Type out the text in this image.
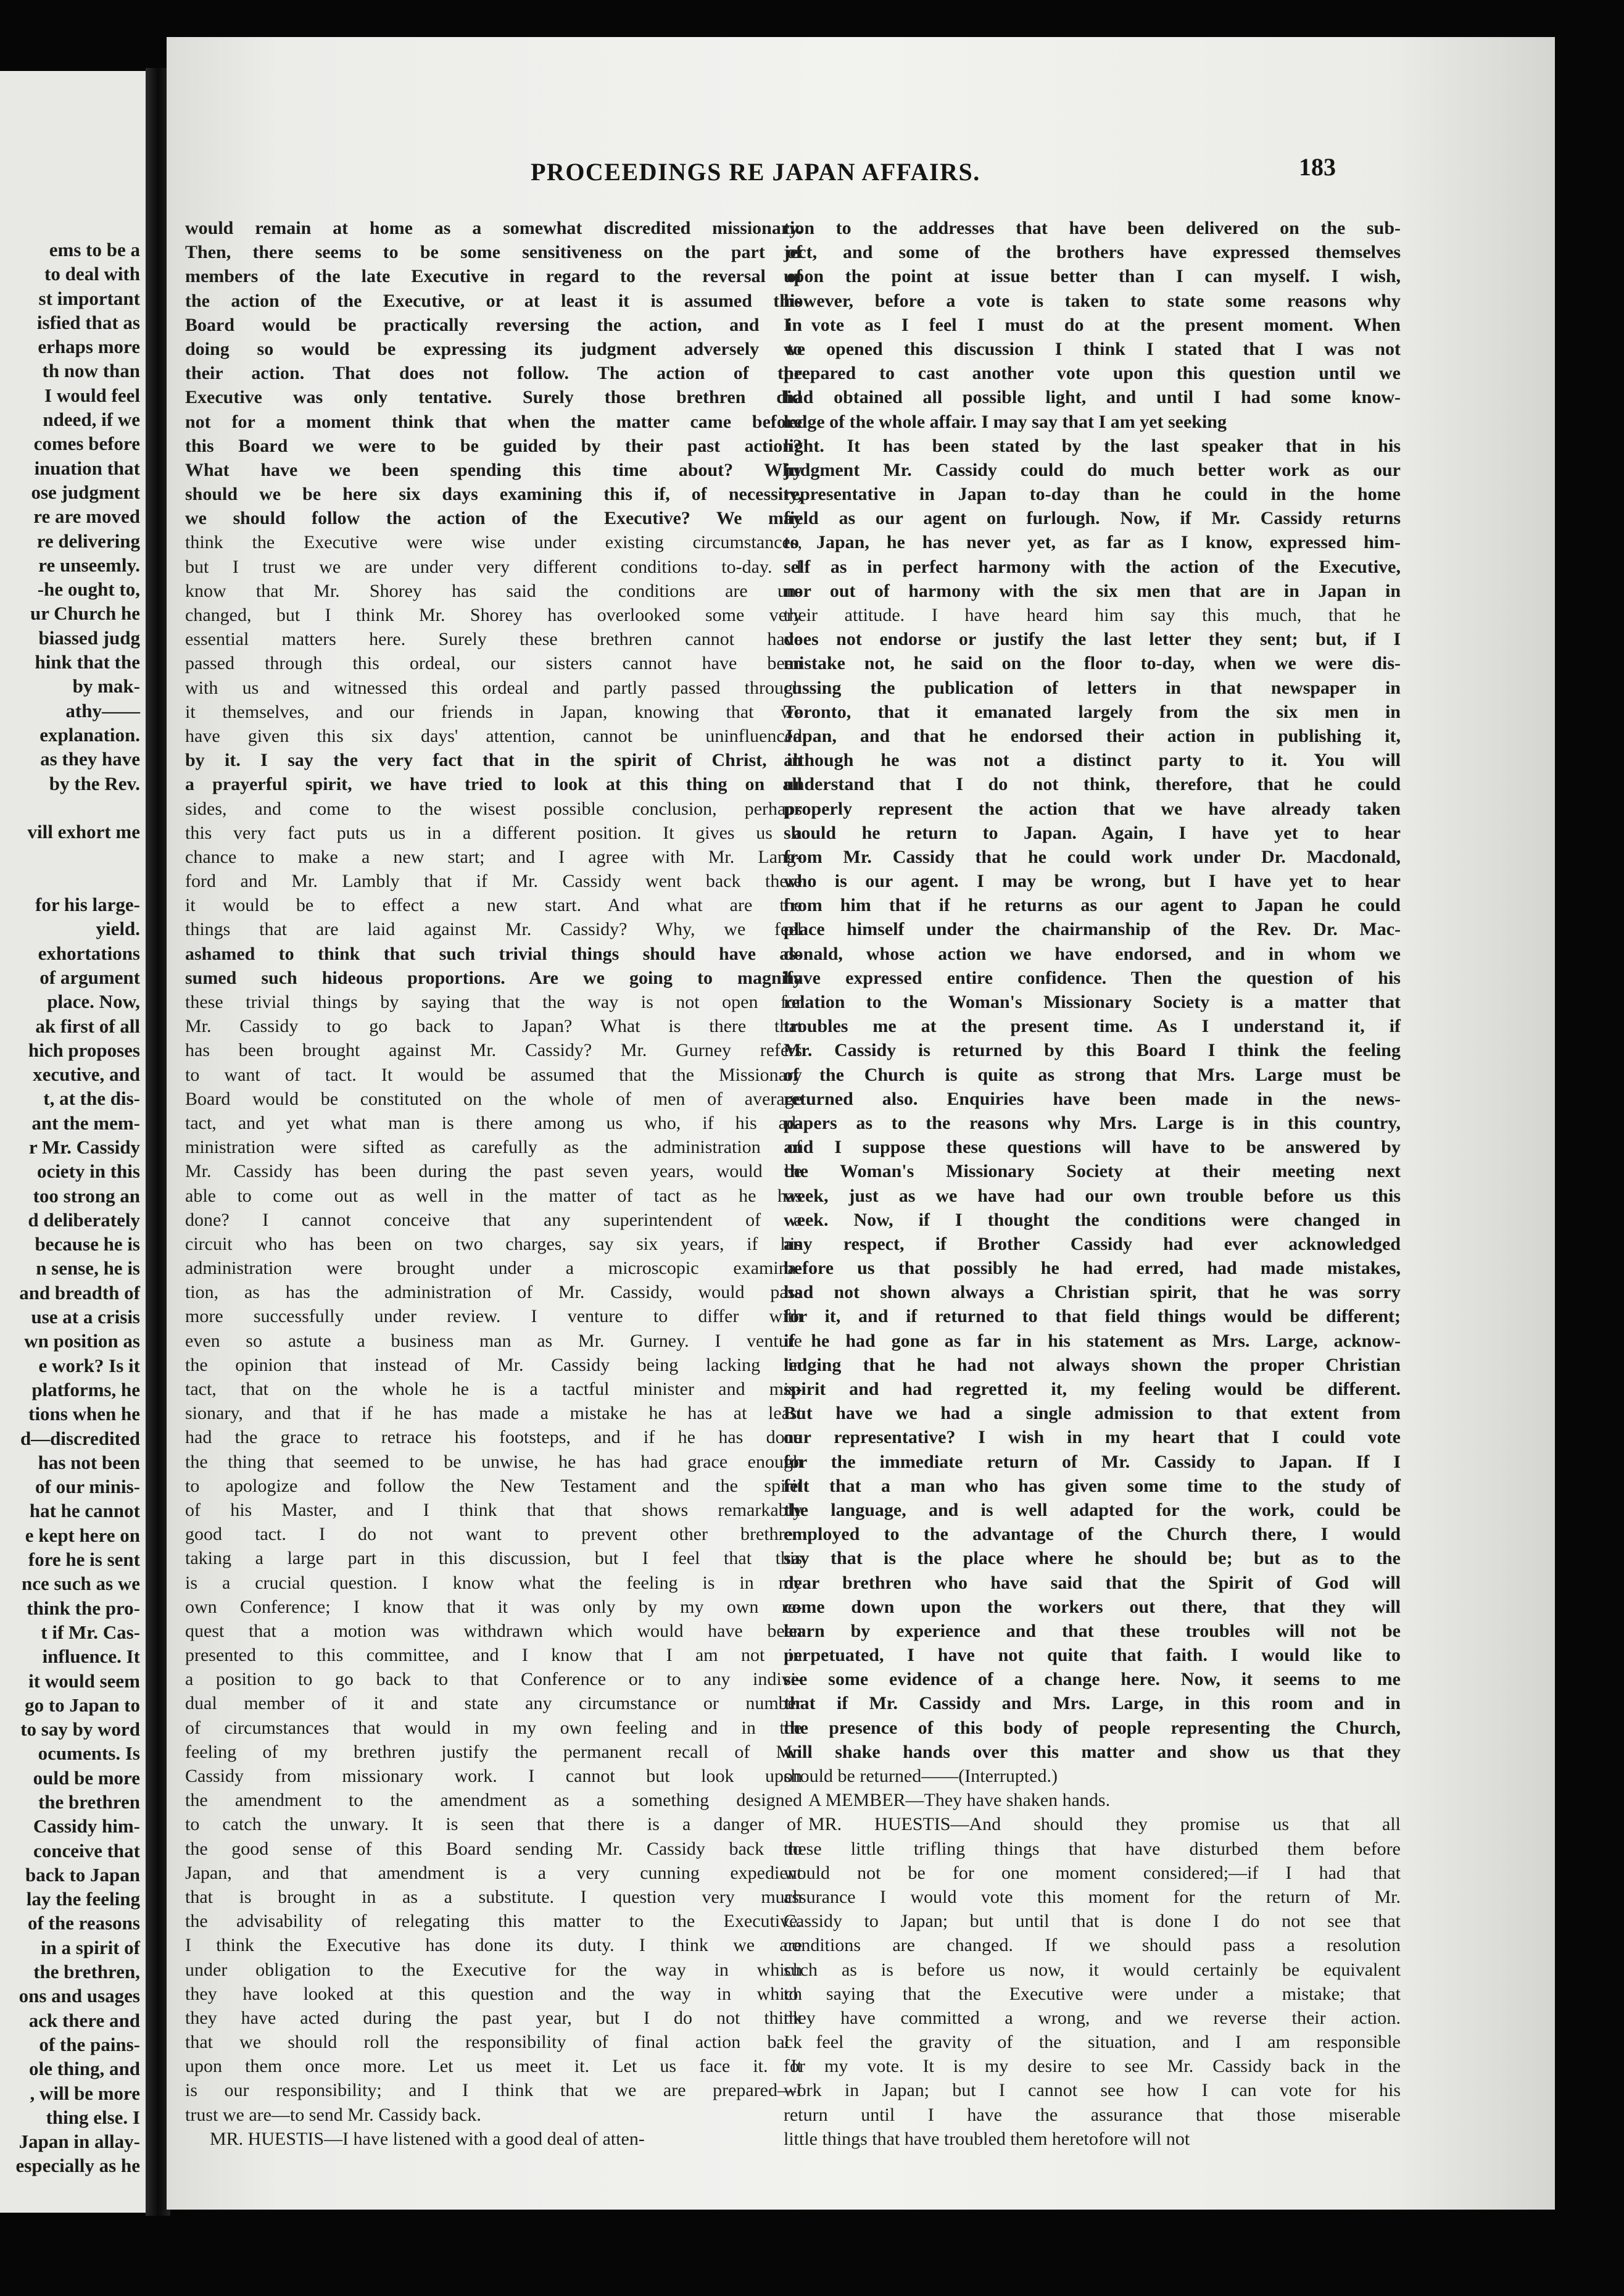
ems to be a
to deal with
st important
isfied that as
erhaps more
th now than
I would feel
ndeed, if we
comes before
inuation that
ose judgment
re are moved
re delivering
re unseemly.
-he ought to,
ur Church he
biassed judg
hink that the
by mak-
athy——
explanation.
as they have
by the Rev.
vill exhort me
for his large-
yield.
exhortations
of argument
place. Now,
ak first of all
hich proposes
xecutive, and
t, at the dis-
ant the mem-
r Mr. Cassidy
ociety in this
too strong an
d deliberately
because he is
n sense, he is
and breadth of
use at a crisis
wn position as
e work? Is it
platforms, he
tions when he
d—discredited
has not been
of our minis-
hat he cannot
e kept here on
fore he is sent
nce such as we
think the pro-
t if Mr. Cas-
influence. It
it would seem
go to Japan to
to say by word
ocuments. Is
ould be more
the brethren
Cassidy him-
conceive that
back to Japan
lay the feeling
of the reasons
in a spirit of
the brethren,
ons and usages
ack there and
of the pains-
ole thing, and
, will be more
thing else. I
Japan in allay-
especially as he
PROCEEDINGS RE JAPAN AFFAIRS.	183

would remain at home as a somewhat discredited missionary.

Then, there seems to be some sensitiveness on the part of

members of the late Executive in regard to the reversal of

the action of the Executive, or at least it is assumed this

Board would be practically reversing the action, and in

doing so would be expressing its judgment adversely to

their action. That does not follow. The action of the

Executive was only tentative. Surely those brethren did

not for a moment think that when the matter came before

this Board we were to be guided by their past action?

What have we been spending this time about? Why

should we be here six days examining this if, of necessity,

we should follow the action of the Executive? We may

think the Executive were wise under existing circumstances,

but I trust we are under very different conditions to-day. I

know that Mr. Shorey has said the conditions are un-

changed, but I think Mr. Shorey has overlooked some very

essential matters here. Surely these brethren cannot have

passed through this ordeal, our sisters cannot have been

with us and witnessed this ordeal and partly passed through

it themselves, and our friends in Japan, knowing that we

have given this six days' attention, cannot be uninfluenced

by it. I say the very fact that in the spirit of Christ, in

a prayerful spirit, we have tried to look at this thing on all

sides, and come to the wisest possible conclusion, perhaps

this very fact puts us in a different position. It gives us a

chance to make a new start; and I agree with Mr. Lang-

ford and Mr. Lambly that if Mr. Cassidy went back there

it would be to effect a new start. And what are the

things that are laid against Mr. Cassidy? Why, we feel

ashamed to think that such trivial things should have as-

sumed such hideous proportions. Are we going to magnify

these trivial things by saying that the way is not open for

Mr. Cassidy to go back to Japan? What is there that

has been brought against Mr. Cassidy? Mr. Gurney refers

to want of tact. It would be assumed that the Missionary

Board would be constituted on the whole of men of average

tact, and yet what man is there among us who, if his ad-

ministration were sifted as carefully as the administration of

Mr. Cassidy has been during the past seven years, would be

able to come out as well in the matter of tact as he has

done? I cannot conceive that any superintendent of a

circuit who has been on two charges, say six years, if his

administration were brought under a microscopic examina-

tion, as has the administration of Mr. Cassidy, would pass

more successfully under review. I venture to differ with

even so astute a business man as Mr. Gurney. I venture

the opinion that instead of Mr. Cassidy being lacking in

tact, that on the whole he is a tactful minister and mis-

sionary, and that if he has made a mistake he has at least

had the grace to retrace his footsteps, and if he has done

the thing that seemed to be unwise, he has had grace enough

to apologize and follow the New Testament and the spirit

of his Master, and I think that that shows remarkably

good tact. I do not want to prevent other brethren

taking a large part in this discussion, but I feel that this

is a crucial question. I know what the feeling is in my

own Conference; I know that it was only by my own re-

quest that a motion was withdrawn which would have been

presented to this committee, and I know that I am not in

a position to go back to that Conference or to any indivi-

dual member of it and state any circumstance or number

of circumstances that would in my own feeling and in the

feeling of my brethren justify the permanent recall of Mr.

Cassidy from missionary work. I cannot but look upon

the amendment to the amendment as a something designed

to catch the unwary. It is seen that there is a danger of

the good sense of this Board sending Mr. Cassidy back to

Japan, and that amendment is a very cunning expedient

that is brought in as a substitute. I question very much

the advisability of relegating this matter to the Executive.

I think the Executive has done its duty. I think we are

under obligation to the Executive for the way in which

they have looked at this question and the way in which

they have acted during the past year, but I do not think

that we should roll the responsibility of final action back

upon them once more. Let us meet it. Let us face it. It

is our responsibility; and I think that we are prepared—I

trust we are—to send Mr. Cassidy back.

MR. HUESTIS—I have listened with a good deal of atten-

tion to the addresses that have been delivered on the sub-

ject, and some of the brothers have expressed themselves

upon the point at issue better than I can myself. I wish,

however, before a vote is taken to state some reasons why

I vote as I feel I must do at the present moment. When

we opened this discussion I think I stated that I was not

prepared to cast another vote upon this question until we

had obtained all possible light, and until I had some know-

ledge of the whole affair. I may say that I am yet seeking

light. It has been stated by the last speaker that in his

judgment Mr. Cassidy could do much better work as our

representative in Japan to-day than he could in the home

field as our agent on furlough. Now, if Mr. Cassidy returns

to Japan, he has never yet, as far as I know, expressed him-

self as in perfect harmony with the action of the Executive,

nor out of harmony with the six men that are in Japan in

their attitude. I have heard him say this much, that he

does not endorse or justify the last letter they sent; but, if I

mistake not, he said on the floor to-day, when we were dis-

cussing the publication of letters in that newspaper in

Toronto, that it emanated largely from the six men in

Japan, and that he endorsed their action in publishing it,

although he was not a distinct party to it. You will

understand that I do not think, therefore, that he could

properly represent the action that we have already taken

should he return to Japan. Again, I have yet to hear

from Mr. Cassidy that he could work under Dr. Macdonald,

who is our agent. I may be wrong, but I have yet to hear

from him that if he returns as our agent to Japan he could

place himself under the chairmanship of the Rev. Dr. Mac-

donald, whose action we have endorsed, and in whom we

have expressed entire confidence. Then the question of his

relation to the Woman's Missionary Society is a matter that

troubles me at the present time. As I understand it, if

Mr. Cassidy is returned by this Board I think the feeling

of the Church is quite as strong that Mrs. Large must be

returned also. Enquiries have been made in the news-

papers as to the reasons why Mrs. Large is in this country,

and I suppose these questions will have to be answered by

the Woman's Missionary Society at their meeting next

week, just as we have had our own trouble before us this

week. Now, if I thought the conditions were changed in

any respect, if Brother Cassidy had ever acknowledged

before us that possibly he had erred, had made mistakes,

had not shown always a Christian spirit, that he was sorry

for it, and if returned to that field things would be different;

if he had gone as far in his statement as Mrs. Large, acknow-

ledging that he had not always shown the proper Christian

spirit and had regretted it, my feeling would be different.

But have we had a single admission to that extent from

our representative? I wish in my heart that I could vote

for the immediate return of Mr. Cassidy to Japan. If I

felt that a man who has given some time to the study of

the language, and is well adapted for the work, could be

employed to the advantage of the Church there, I would

say that is the place where he should be; but as to the

dear brethren who have said that the Spirit of God will

come down upon the workers out there, that they will

learn by experience and that these troubles will not be

perpetuated, I have not quite that faith. I would like to

see some evidence of a change here. Now, it seems to me

that if Mr. Cassidy and Mrs. Large, in this room and in

the presence of this body of people representing the Church,

will shake hands over this matter and show us that they

should be returned——(Interrupted.)

A MEMBER—They have shaken hands.

MR. HUESTIS—And should they promise us that all

these little trifling things that have disturbed them before

would not be for one moment considered;—if I had that

assurance I would vote this moment for the return of Mr.

Cassidy to Japan; but until that is done I do not see that

conditions are changed. If we should pass a resolution

such as is before us now, it would certainly be equivalent

to saying that the Executive were under a mistake; that

they have committed a wrong, and we reverse their action.

I feel the gravity of the situation, and I am responsible

for my vote. It is my desire to see Mr. Cassidy back in the

work in Japan; but I cannot see how I can vote for his

return until I have the assurance that those miserable

little things that have troubled them heretofore will not
